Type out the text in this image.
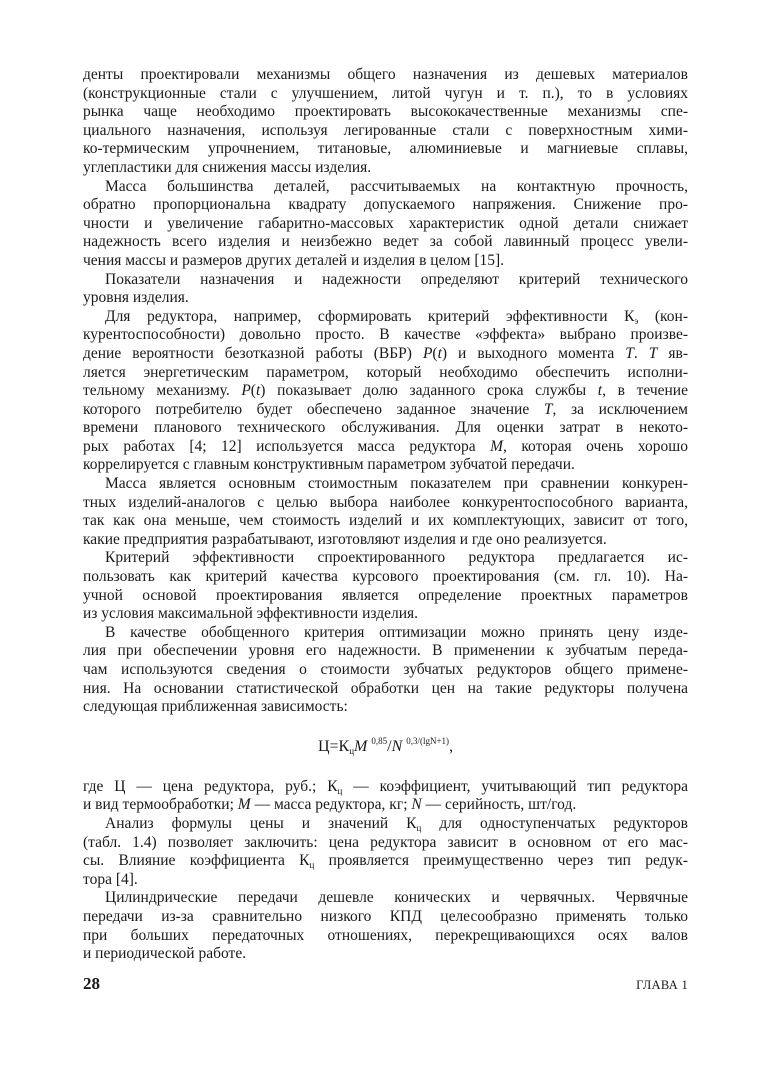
денты проектировали механизмы общего назначения из дешевых материалов
(конструкционные стали с улучшением, литой чугун и т. п.), то в условиях
рынка чаще необходимо проектировать высококачественные механизмы спе-
циального назначения, используя легированные стали с поверхностным хими-
ко-термическим упрочнением, титановые, алюминиевые и магниевые сплавы,
углепластики для снижения массы изделия.
Масса большинства деталей, рассчитываемых на контактную прочность,
обратно пропорциональна квадрату допускаемого напряжения. Снижение про-
чности и увеличение габаритно-массовых характеристик одной детали снижает
надежность всего изделия и неизбежно ведет за собой лавинный процесс увели-
чения массы и размеров других деталей и изделия в целом [15].
Показатели назначения и надежности определяют критерий технического
уровня изделия.
Для редуктора, например, сформировать критерий эффективности Кэ (кон-
курентоспособности) довольно просто. В качестве «эффекта» выбрано произве-
дение вероятности безотказной работы (ВБР) P(t) и выходного момента T. T яв-
ляется энергетическим параметром, который необходимо обеспечить исполни-
тельному механизму. P(t) показывает долю заданного срока службы t, в течение
которого потребителю будет обеспечено заданное значение T, за исключением
времени планового технического обслуживания. Для оценки затрат в некото-
рых работах [4; 12] используется масса редуктора M, которая очень хорошо
коррелируется с главным конструктивным параметром зубчатой передачи.
Масса является основным стоимостным показателем при сравнении конкурен-
тных изделий-аналогов с целью выбора наиболее конкурентоспособного варианта,
так как она меньше, чем стоимость изделий и их комплектующих, зависит от того,
какие предприятия разрабатывают, изготовляют изделия и где оно реализуется.
Критерий эффективности спроектированного редуктора предлагается ис-
пользовать как критерий качества курсового проектирования (см. гл. 10). На-
учной основой проектирования является определение проектных параметров
из условия максимальной эффективности изделия.
В качестве обобщенного критерия оптимизации можно принять цену изде-
лия при обеспечении уровня его надежности. В применении к зубчатым переда-
чам используются сведения о стоимости зубчатых редукторов общего примене-
ния. На основании статистической обработки цен на такие редукторы получена
следующая приближенная зависимость:
Ц=КцM $^{0,85}$/N $^{0,3/(lgN+1)}$,
где Ц — цена редуктора, руб.; Кц — коэффициент, учитывающий тип редуктора
и вид термообработки; M — масса редуктора, кг; N — серийность, шт/год.
Анализ формулы цены и значений Кц для одноступенчатых редукторов
(табл. 1.4) позволяет заключить: цена редуктора зависит в основном от его мас-
сы. Влияние коэффициента Кц проявляется преимущественно через тип редук-
тора [4].
Цилиндрические передачи дешевле конических и червячных. Червячные
передачи из-за сравнительно низкого КПД целесообразно применять только
при больших передаточных отношениях, перекрещивающихся осях валов
и периодической работе.
28	ГЛАВА 1
